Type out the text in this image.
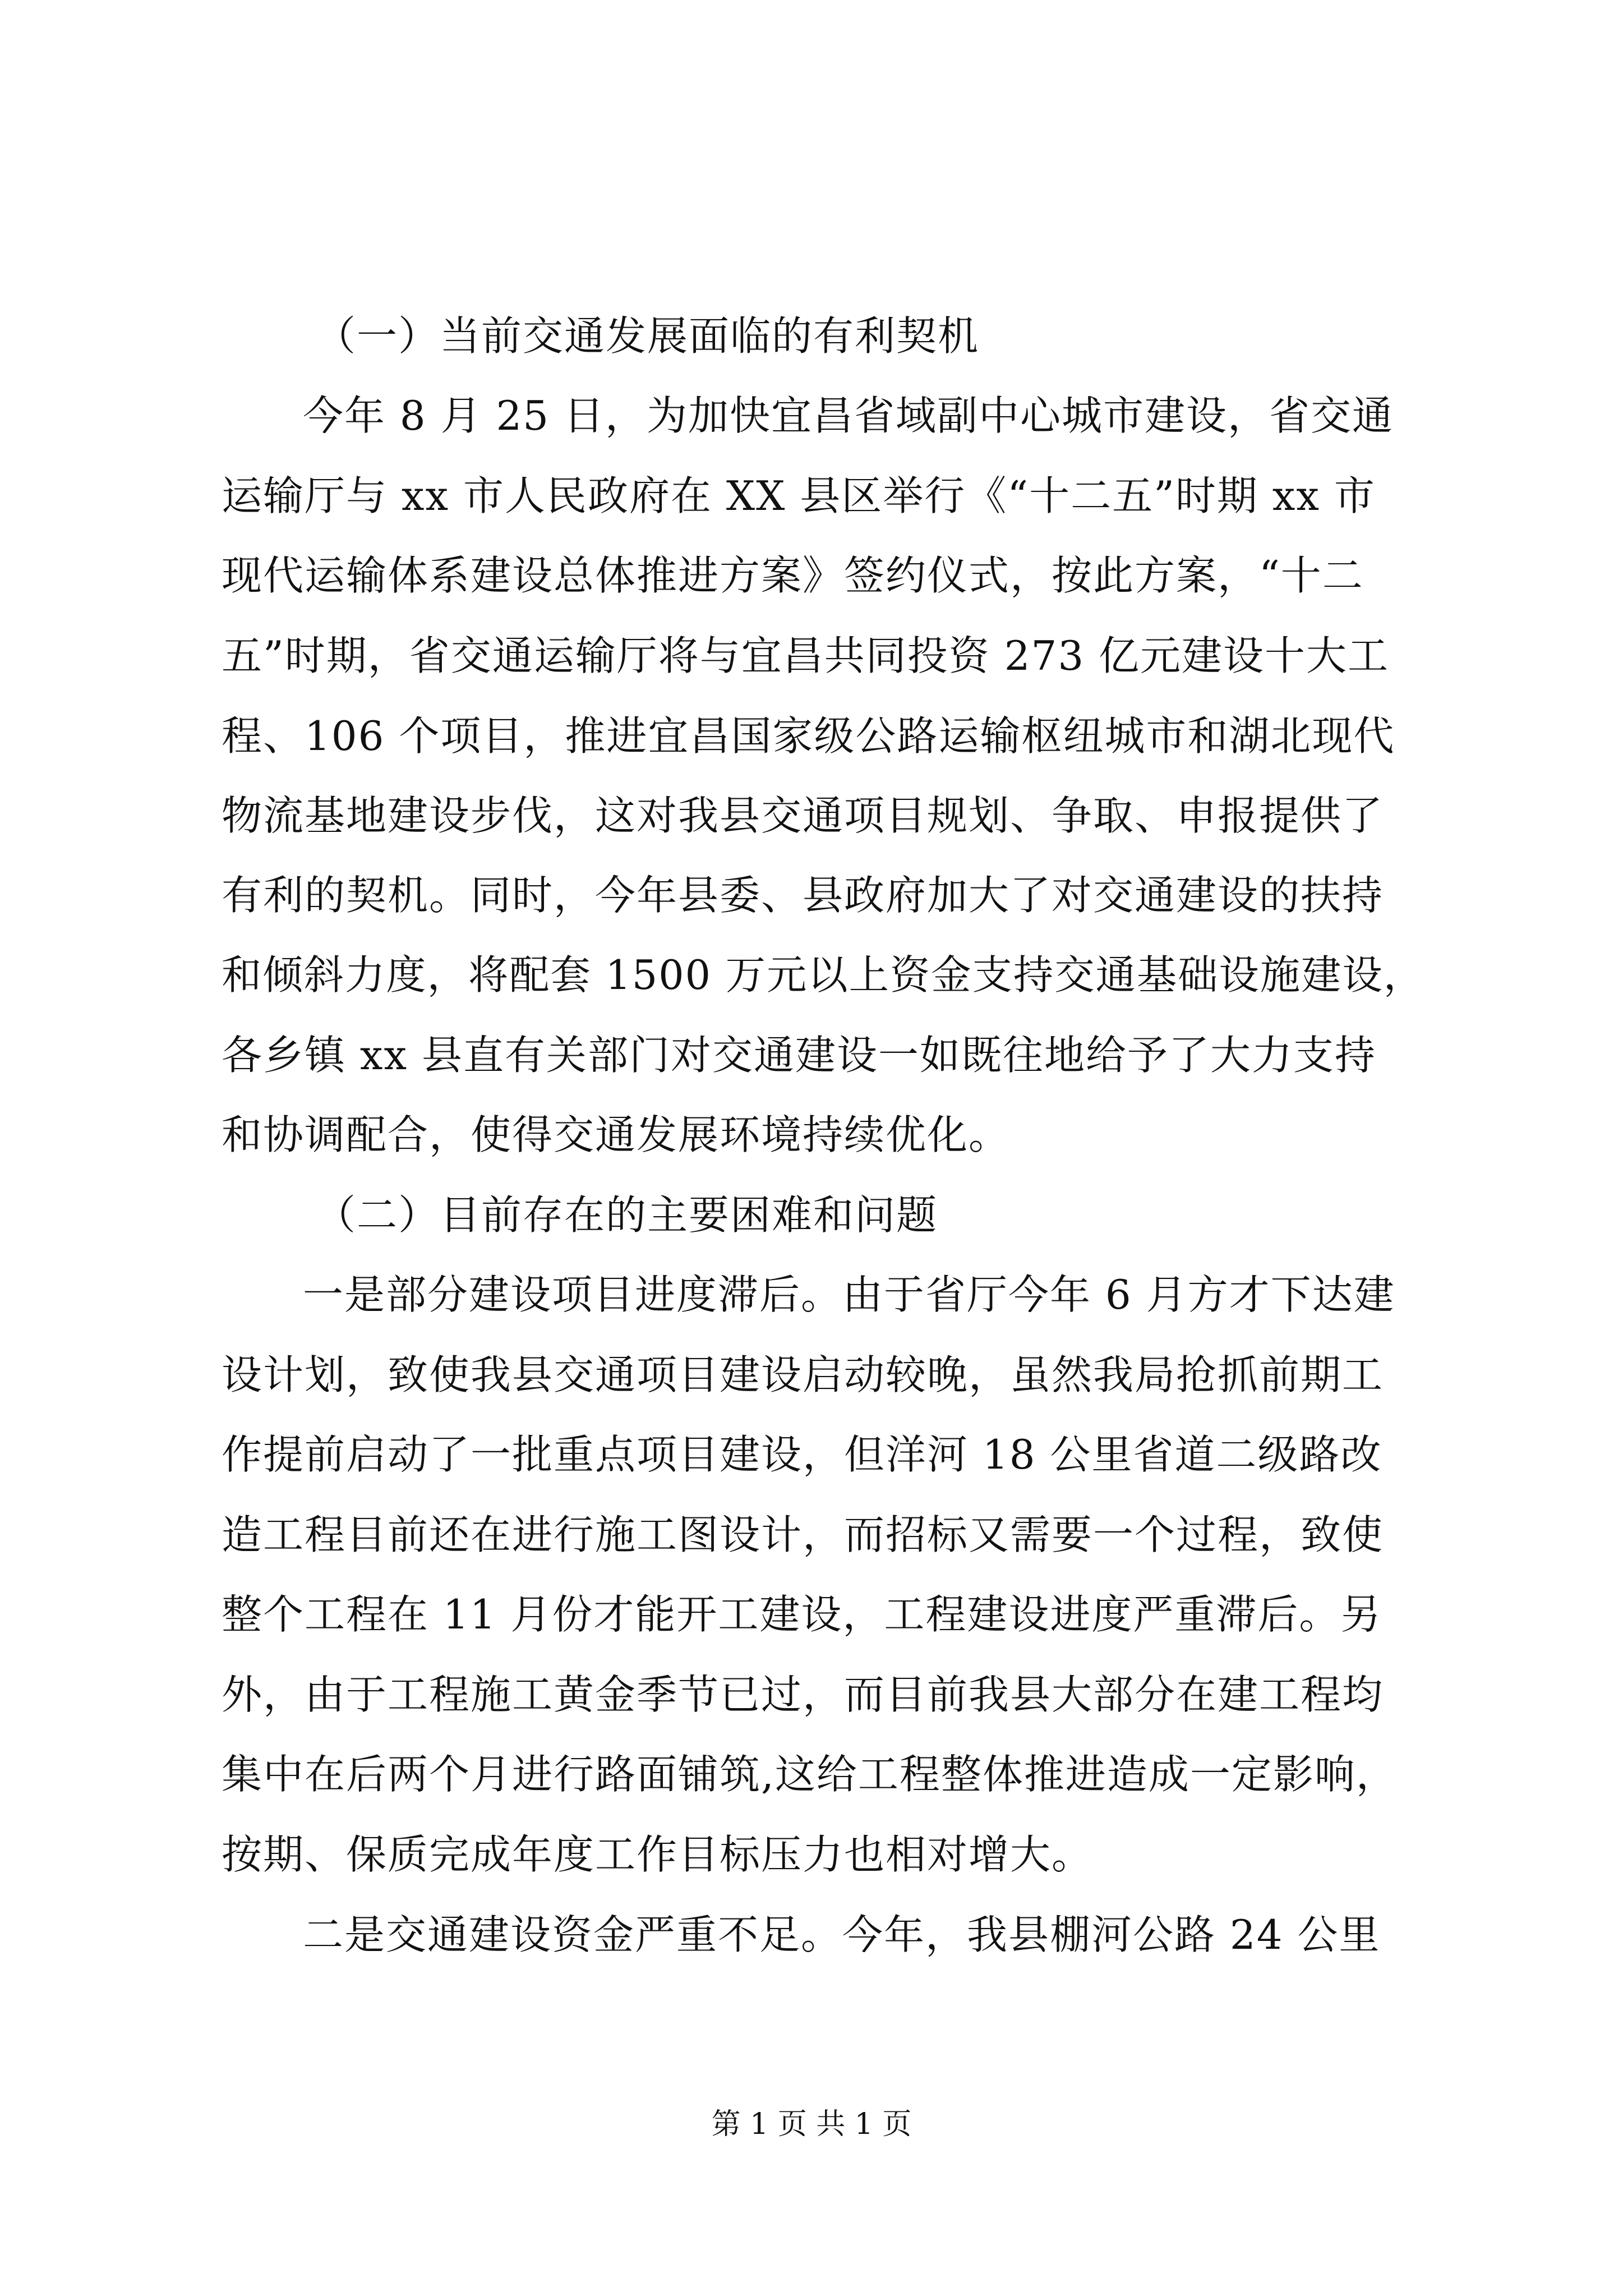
（一）当前交通发展面临的有利契机
今年 8 月 25 日，为加快宜昌省域副中心城市建设，省交通
运输厅与 xx 市人民政府在 XX 县区举行《“十二五”时期 xx 市
现代运输体系建设总体推进方案》签约仪式，按此方案，“十二
五”时期，省交通运输厅将与宜昌共同投资 273 亿元建设十大工
程、106 个项目，推进宜昌国家级公路运输枢纽城市和湖北现代
物流基地建设步伐，这对我县交通项目规划、争取、申报提供了
有利的契机。同时，今年县委、县政府加大了对交通建设的扶持
和倾斜力度，将配套 1500 万元以上资金支持交通基础设施建设，
各乡镇 xx 县直有关部门对交通建设一如既往地给予了大力支持
和协调配合，使得交通发展环境持续优化。
（二）目前存在的主要困难和问题
一是部分建设项目进度滞后。由于省厅今年 6 月方才下达建
设计划，致使我县交通项目建设启动较晚，虽然我局抢抓前期工
作提前启动了一批重点项目建设，但洋河 18 公里省道二级路改
造工程目前还在进行施工图设计，而招标又需要一个过程，致使
整个工程在 11 月份才能开工建设，工程建设进度严重滞后。另
外，由于工程施工黄金季节已过，而目前我县大部分在建工程均
集中在后两个月进行路面铺筑,这给工程整体推进造成一定影响，
按期、保质完成年度工作目标压力也相对增大。
二是交通建设资金严重不足。今年，我县棚河公路 24 公里
第 1 页 共 1 页
